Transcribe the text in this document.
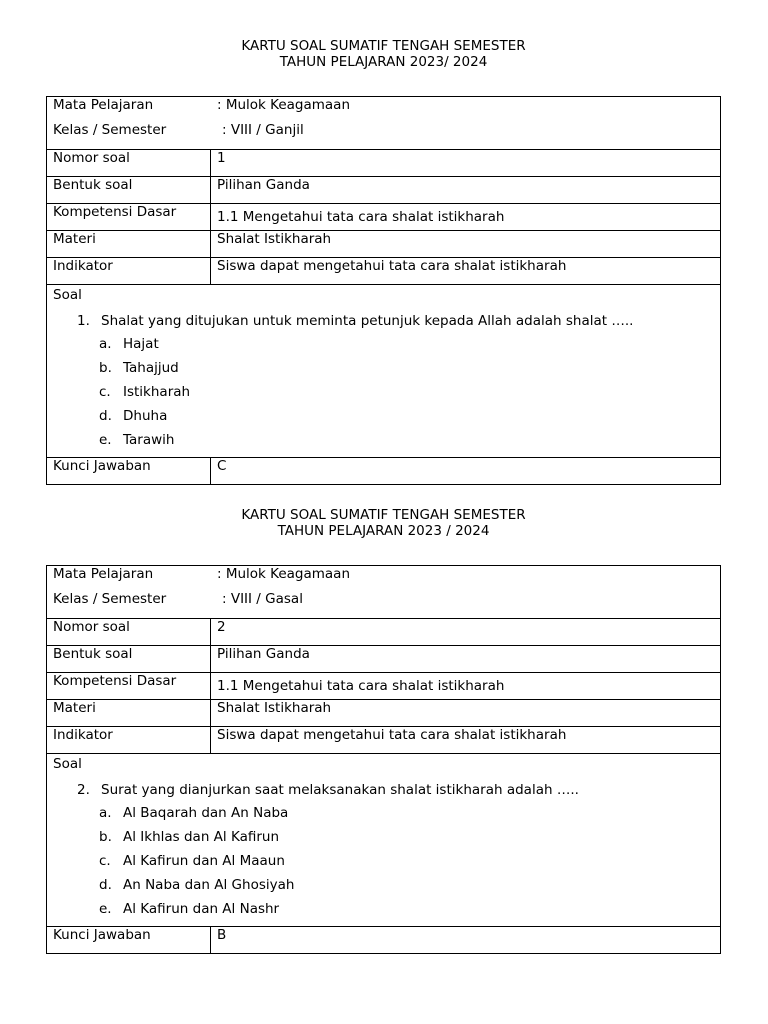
KARTU SOAL SUMATIF TENGAH SEMESTER
TAHUN PELAJARAN 2023/ 2024
Mata Pelajaran	: Mulok Keagamaan
Kelas / Semester	: VIII / Ganjil
Nomor soal	1
Bentuk soal	Pilihan Ganda
Kompetensi Dasar	1.1 Mengetahui tata cara shalat istikharah
Materi	Shalat Istikharah
Indikator	Siswa dapat mengetahui tata cara shalat istikharah
Soal
1. Shalat yang ditujukan untuk meminta petunjuk kepada Allah adalah shalat …..
a. Hajat
b. Tahajjud
c. Istikharah
d. Dhuha
e. Tarawih
Kunci Jawaban	C
KARTU SOAL SUMATIF TENGAH SEMESTER
TAHUN PELAJARAN 2023 / 2024
Mata Pelajaran	: Mulok Keagamaan
Kelas / Semester	: VIII / Gasal
Nomor soal	2
Bentuk soal	Pilihan Ganda
Kompetensi Dasar	1.1 Mengetahui tata cara shalat istikharah
Materi	Shalat Istikharah
Indikator	Siswa dapat mengetahui tata cara shalat istikharah
Soal
2. Surat yang dianjurkan saat melaksanakan shalat istikharah adalah …..
a. Al Baqarah dan An Naba
b. Al Ikhlas dan Al Kafirun
c. Al Kafirun dan Al Maaun
d. An Naba dan Al Ghosiyah
e. Al Kafirun dan Al Nashr
Kunci Jawaban	B
